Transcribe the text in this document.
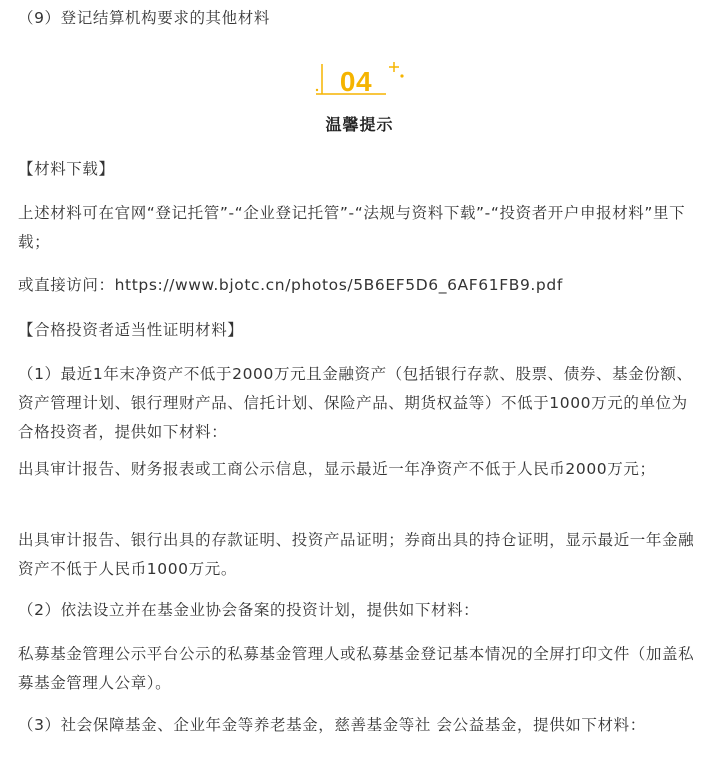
（9）登记结算机构要求的其他材料

04
温馨提示

【材料下载】

上述材料可在官网“登记托管”-“企业登记托管”-“法规与资料下载”-“投资者开户申报材料”里下载；

或直接访问：https://www.bjotc.cn/photos/5B6EF5D6_6AF61FB9.pdf

【合格投资者适当性证明材料】

（1）最近1年末净资产不低于2000万元且金融资产（包括银行存款、股票、债券、基金份额、资产管理计划、银行理财产品、信托计划、保险产品、期货权益等）不低于1000万元的单位为合格投资者，提供如下材料：

出具审计报告、财务报表或工商公示信息，显示最近一年净资产不低于人民币2000万元；

出具审计报告、银行出具的存款证明、投资产品证明；券商出具的持仓证明，显示最近一年金融资产不低于人民币1000万元。

（2）依法设立并在基金业协会备案的投资计划，提供如下材料：

私募基金管理公示平台公示的私募基金管理人或私募基金登记基本情况的全屏打印文件（加盖私募基金管理人公章）。

（3）社会保障基金、企业年金等养老基金，慈善基金等社 会公益基金，提供如下材料：
